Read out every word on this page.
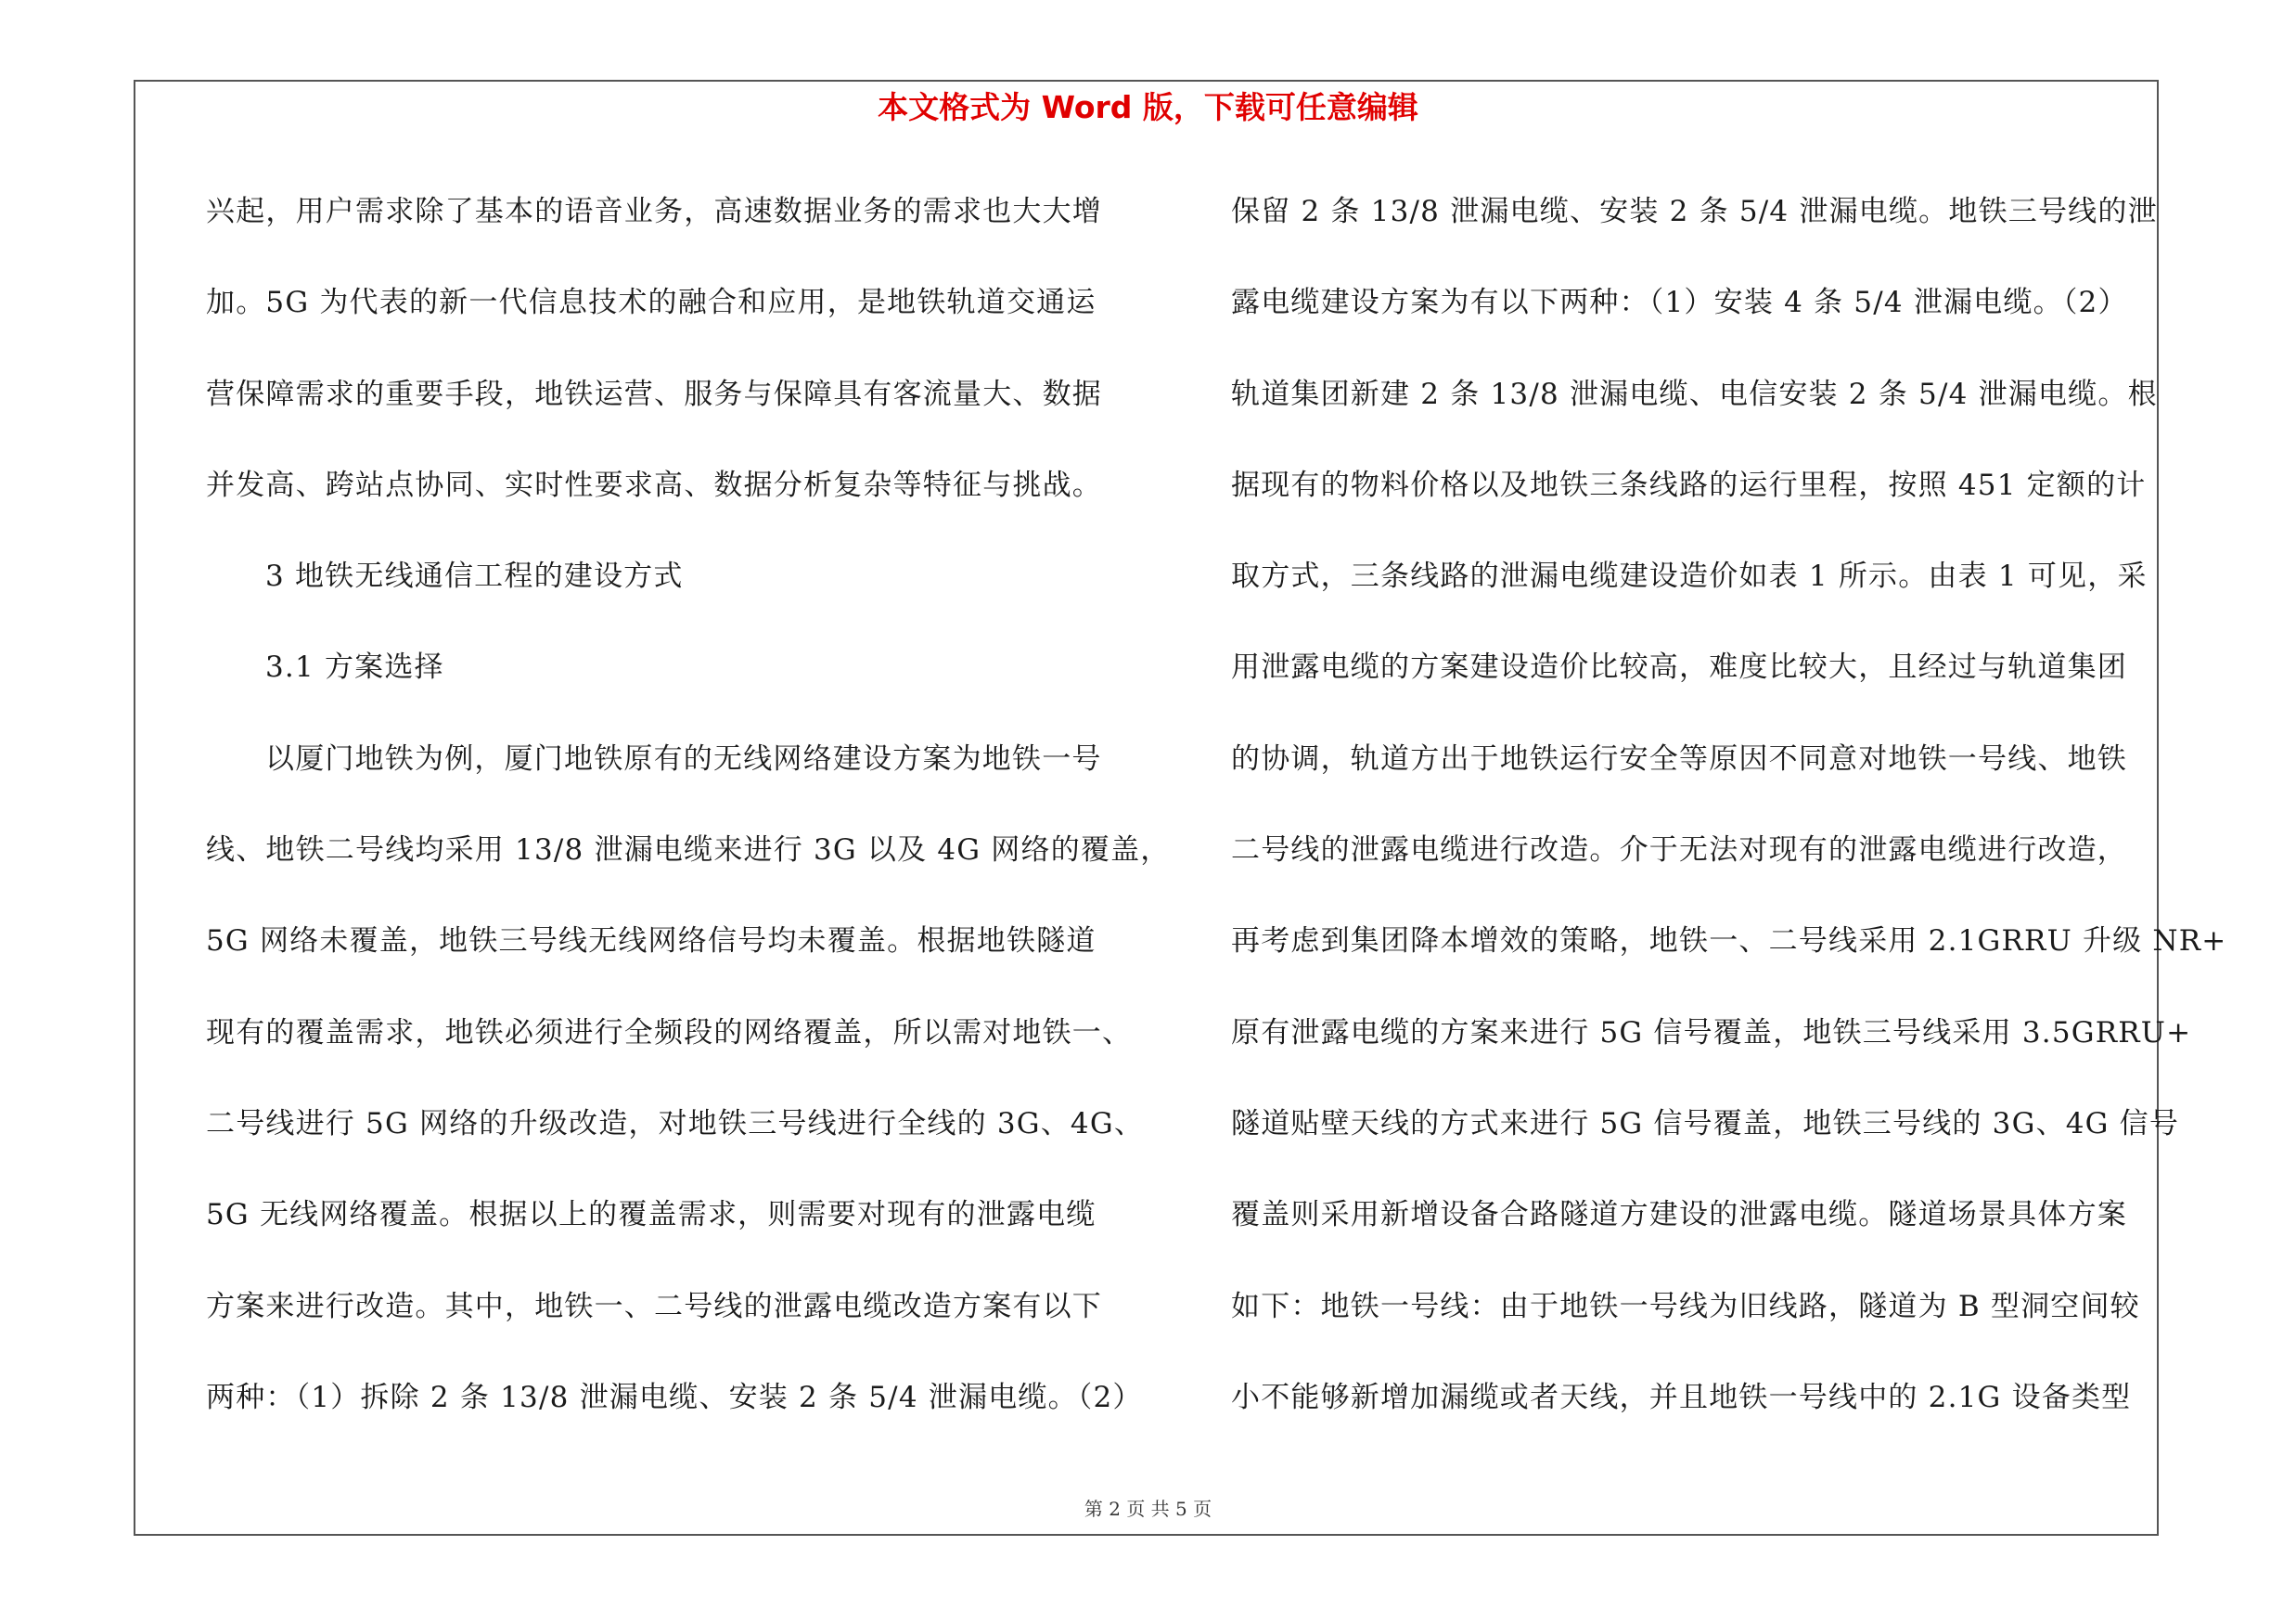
本文格式为 Word 版，下载可任意编辑
兴起，用户需求除了基本的语音业务，高速数据业务的需求也大大增
加。5G 为代表的新一代信息技术的融合和应用，是地铁轨道交通运
营保障需求的重要手段，地铁运营、服务与保障具有客流量大、数据
并发高、跨站点协同、实时性要求高、数据分析复杂等特征与挑战。
3 地铁无线通信工程的建设方式
3.1 方案选择
以厦门地铁为例，厦门地铁原有的无线网络建设方案为地铁一号
线、地铁二号线均采用 13/8 泄漏电缆来进行 3G 以及 4G 网络的覆盖，
5G 网络未覆盖，地铁三号线无线网络信号均未覆盖。根据地铁隧道
现有的覆盖需求，地铁必须进行全频段的网络覆盖，所以需对地铁一、
二号线进行 5G 网络的升级改造，对地铁三号线进行全线的 3G、4G、
5G 无线网络覆盖。根据以上的覆盖需求，则需要对现有的泄露电缆
方案来进行改造。其中，地铁一、二号线的泄露电缆改造方案有以下
两种：（1）拆除 2 条 13/8 泄漏电缆、安装 2 条 5/4 泄漏电缆。（2）
保留 2 条 13/8 泄漏电缆、安装 2 条 5/4 泄漏电缆。地铁三号线的泄
露电缆建设方案为有以下两种：（1）安装 4 条 5/4 泄漏电缆。（2）
轨道集团新建 2 条 13/8 泄漏电缆、电信安装 2 条 5/4 泄漏电缆。根
据现有的物料价格以及地铁三条线路的运行里程，按照 451 定额的计
取方式，三条线路的泄漏电缆建设造价如表 1 所示。由表 1 可见，采
用泄露电缆的方案建设造价比较高，难度比较大，且经过与轨道集团
的协调，轨道方出于地铁运行安全等原因不同意对地铁一号线、地铁
二号线的泄露电缆进行改造。介于无法对现有的泄露电缆进行改造，
再考虑到集团降本增效的策略，地铁一、二号线采用 2.1GRRU 升级 NR+
原有泄露电缆的方案来进行 5G 信号覆盖，地铁三号线采用 3.5GRRU+
隧道贴壁天线的方式来进行 5G 信号覆盖，地铁三号线的 3G、4G 信号
覆盖则采用新增设备合路隧道方建设的泄露电缆。隧道场景具体方案
如下：地铁一号线：由于地铁一号线为旧线路，隧道为 B 型洞空间较
小不能够新增加漏缆或者天线，并且地铁一号线中的 2.1G 设备类型
第 2 页 共 5 页
